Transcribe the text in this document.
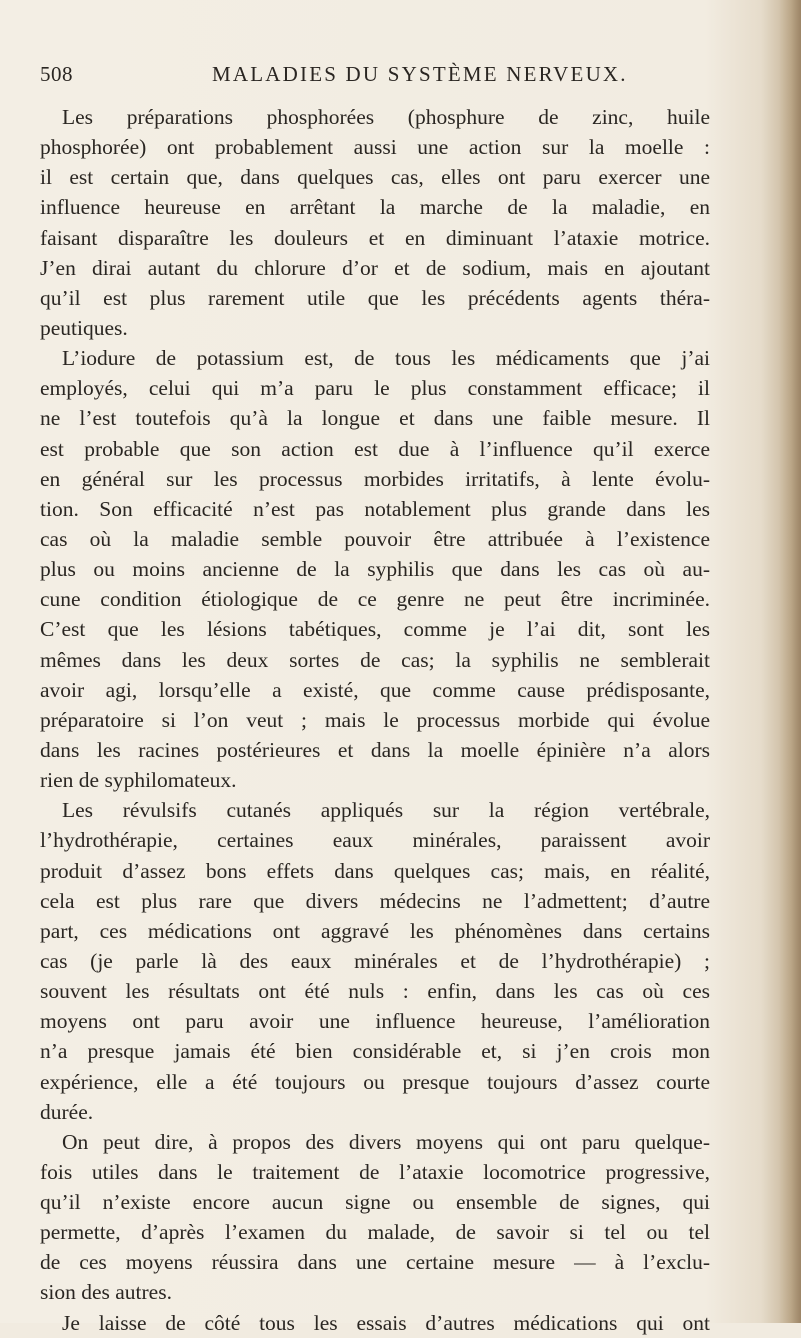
508	MALADIES DU SYSTÈME NERVEUX.
Les préparations phosphorées (phosphure de zinc, huile
phosphorée) ont probablement aussi une action sur la moelle :
il est certain que, dans quelques cas, elles ont paru exercer une
influence heureuse en arrêtant la marche de la maladie, en
faisant disparaître les douleurs et en diminuant l’ataxie motrice.
J’en dirai autant du chlorure d’or et de sodium, mais en ajoutant
qu’il est plus rarement utile que les précédents agents théra-
peutiques.
L’iodure de potassium est, de tous les médicaments que j’ai
employés, celui qui m’a paru le plus constamment efficace; il
ne l’est toutefois qu’à la longue et dans une faible mesure. Il
est probable que son action est due à l’influence qu’il exerce
en général sur les processus morbides irritatifs, à lente évolu-
tion. Son efficacité n’est pas notablement plus grande dans les
cas où la maladie semble pouvoir être attribuée à l’existence
plus ou moins ancienne de la syphilis que dans les cas où au-
cune condition étiologique de ce genre ne peut être incriminée.
C’est que les lésions tabétiques, comme je l’ai dit, sont les
mêmes dans les deux sortes de cas; la syphilis ne semblerait
avoir agi, lorsqu’elle a existé, que comme cause prédisposante,
préparatoire si l’on veut ; mais le processus morbide qui évolue
dans les racines postérieures et dans la moelle épinière n’a alors
rien de syphilomateux.
Les révulsifs cutanés appliqués sur la région vertébrale,
l’hydrothérapie, certaines eaux minérales, paraissent avoir
produit d’assez bons effets dans quelques cas; mais, en réalité,
cela est plus rare que divers médecins ne l’admettent; d’autre
part, ces médications ont aggravé les phénomènes dans certains
cas (je parle là des eaux minérales et de l’hydrothérapie) ;
souvent les résultats ont été nuls : enfin, dans les cas où ces
moyens ont paru avoir une influence heureuse, l’amélioration
n’a presque jamais été bien considérable et, si j’en crois mon
expérience, elle a été toujours ou presque toujours d’assez courte
durée.
On peut dire, à propos des divers moyens qui ont paru quelque-
fois utiles dans le traitement de l’ataxie locomotrice progressive,
qu’il n’existe encore aucun signe ou ensemble de signes, qui
permette, d’après l’examen du malade, de savoir si tel ou tel
de ces moyens réussira dans une certaine mesure — à l’exclu-
sion des autres.
Je laisse de côté tous les essais d’autres médications qui ont
